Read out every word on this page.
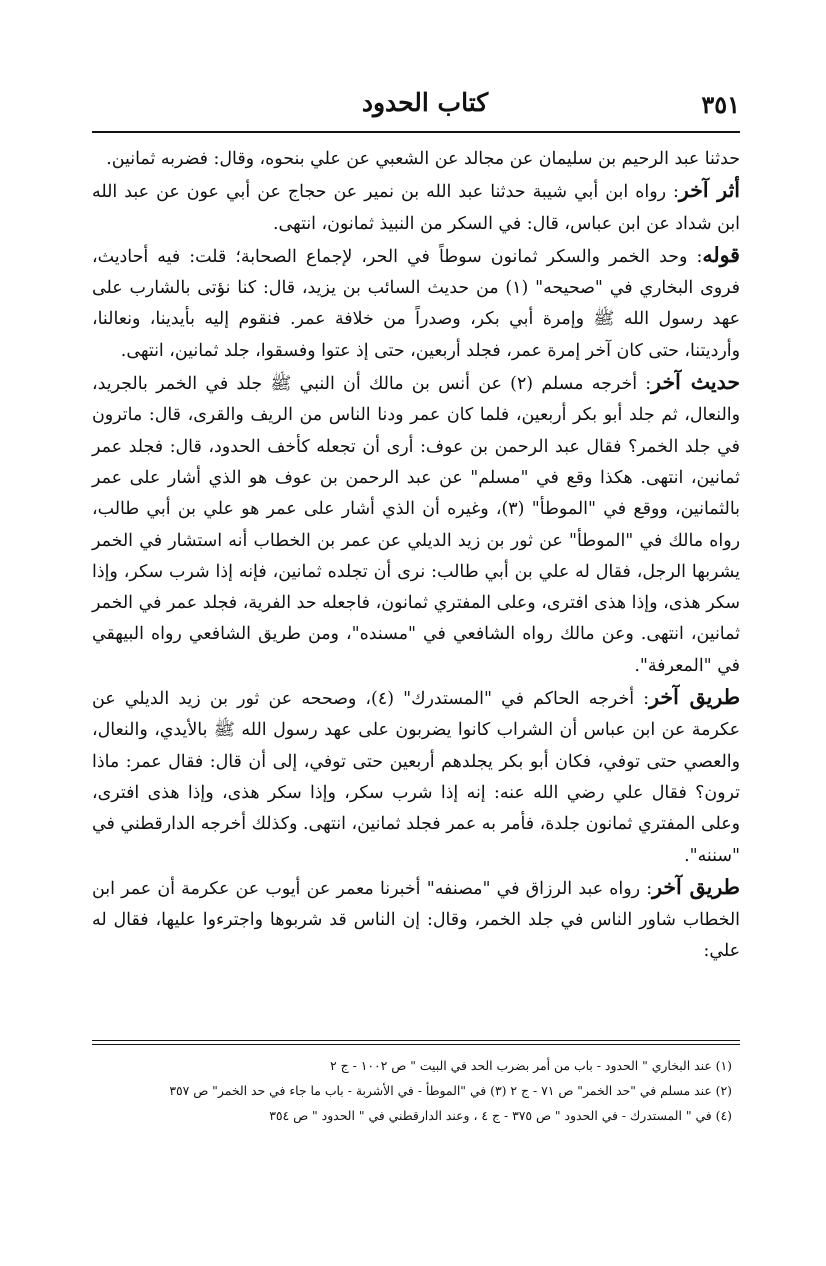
٣٥١
كتاب الحدود

حدثنا عبد الرحيم بن سليمان عن مجالد عن الشعبي عن علي بنحوه، وقال: فضربه ثمانين.

أثر آخر: رواه ابن أبي شيبة حدثنا عبد الله بن نمير عن حجاج عن أبي عون عن عبد الله ابن شداد عن ابن عباس، قال: في السكر من النبيذ ثمانون، انتهى.

قوله: وحد الخمر والسكر ثمانون سوطاً في الحر، لإجماع الصحابة؛ قلت: فيه أحاديث، فروى البخاري في "صحيحه" (١) من حديث السائب بن يزيد، قال: كنا نؤتى بالشارب على عهد رسول الله ﷺ وإمرة أبي بكر، وصدراً من خلافة عمر. فنقوم إليه بأيدينا، ونعالنا، وأرديتنا، حتى كان آخر إمرة عمر، فجلد أربعين، حتى إذ عتوا وفسقوا، جلد ثمانين، انتهى.

حديث آخر: أخرجه مسلم (٢) عن أنس بن مالك أن النبي ﷺ جلد في الخمر بالجريد، والنعال، ثم جلد أبو بكر أربعين، فلما كان عمر ودنا الناس من الريف والقرى، قال: ماترون في جلد الخمر؟ فقال عبد الرحمن بن عوف: أرى أن تجعله كأخف الحدود، قال: فجلد عمر ثمانين، انتهى. هكذا وقع في "مسلم" عن عبد الرحمن بن عوف هو الذي أشار على عمر بالثمانين، ووقع في "الموطأ" (٣)، وغيره أن الذي أشار على عمر هو علي بن أبي طالب، رواه مالك في "الموطأ" عن ثور بن زيد الديلي عن عمر بن الخطاب أنه استشار في الخمر يشربها الرجل، فقال له علي بن أبي طالب: نرى أن تجلده ثمانين، فإنه إذا شرب سكر، وإذا سكر هذى، وإذا هذى افترى، وعلى المفتري ثمانون، فاجعله حد الفرية، فجلد عمر في الخمر ثمانين، انتهى. وعن مالك رواه الشافعي في "مسنده"، ومن طريق الشافعي رواه البيهقي في "المعرفة".

طريق آخر: أخرجه الحاكم في "المستدرك" (٤)، وصححه عن ثور بن زيد الديلي عن عكرمة عن ابن عباس أن الشراب كانوا يضربون على عهد رسول الله ﷺ بالأيدي، والنعال، والعصي حتى توفي، فكان أبو بكر يجلدهم أربعين حتى توفي، إلى أن قال: فقال عمر: ماذا ترون؟ فقال علي رضي الله عنه: إنه إذا شرب سكر، وإذا سكر هذى، وإذا هذى افترى، وعلى المفتري ثمانون جلدة، فأمر به عمر فجلد ثمانين، انتهى. وكذلك أخرجه الدارقطني في "سننه".

طريق آخر: رواه عبد الرزاق في "مصنفه" أخبرنا معمر عن أيوب عن عكرمة أن عمر ابن الخطاب شاور الناس في جلد الخمر، وقال: إن الناس قد شربوها واجترءوا عليها، فقال له علي:

(١) عند البخاري " الحدود - باب من أمر بضرب الحد في البيت " ص ١٠٠٢ - ج ٢

(٢) عند مسلم في "حد الخمر" ص ٧١ - ج ٢ (٣) في "الموطأ - في الأشربة - باب ما جاء في حد الخمر" ص ٣٥٧

(٤) في " المستدرك - في الحدود " ص ٣٧٥ - ج ٤ ، وعند الدارقطني في " الحدود " ص ٣٥٤
